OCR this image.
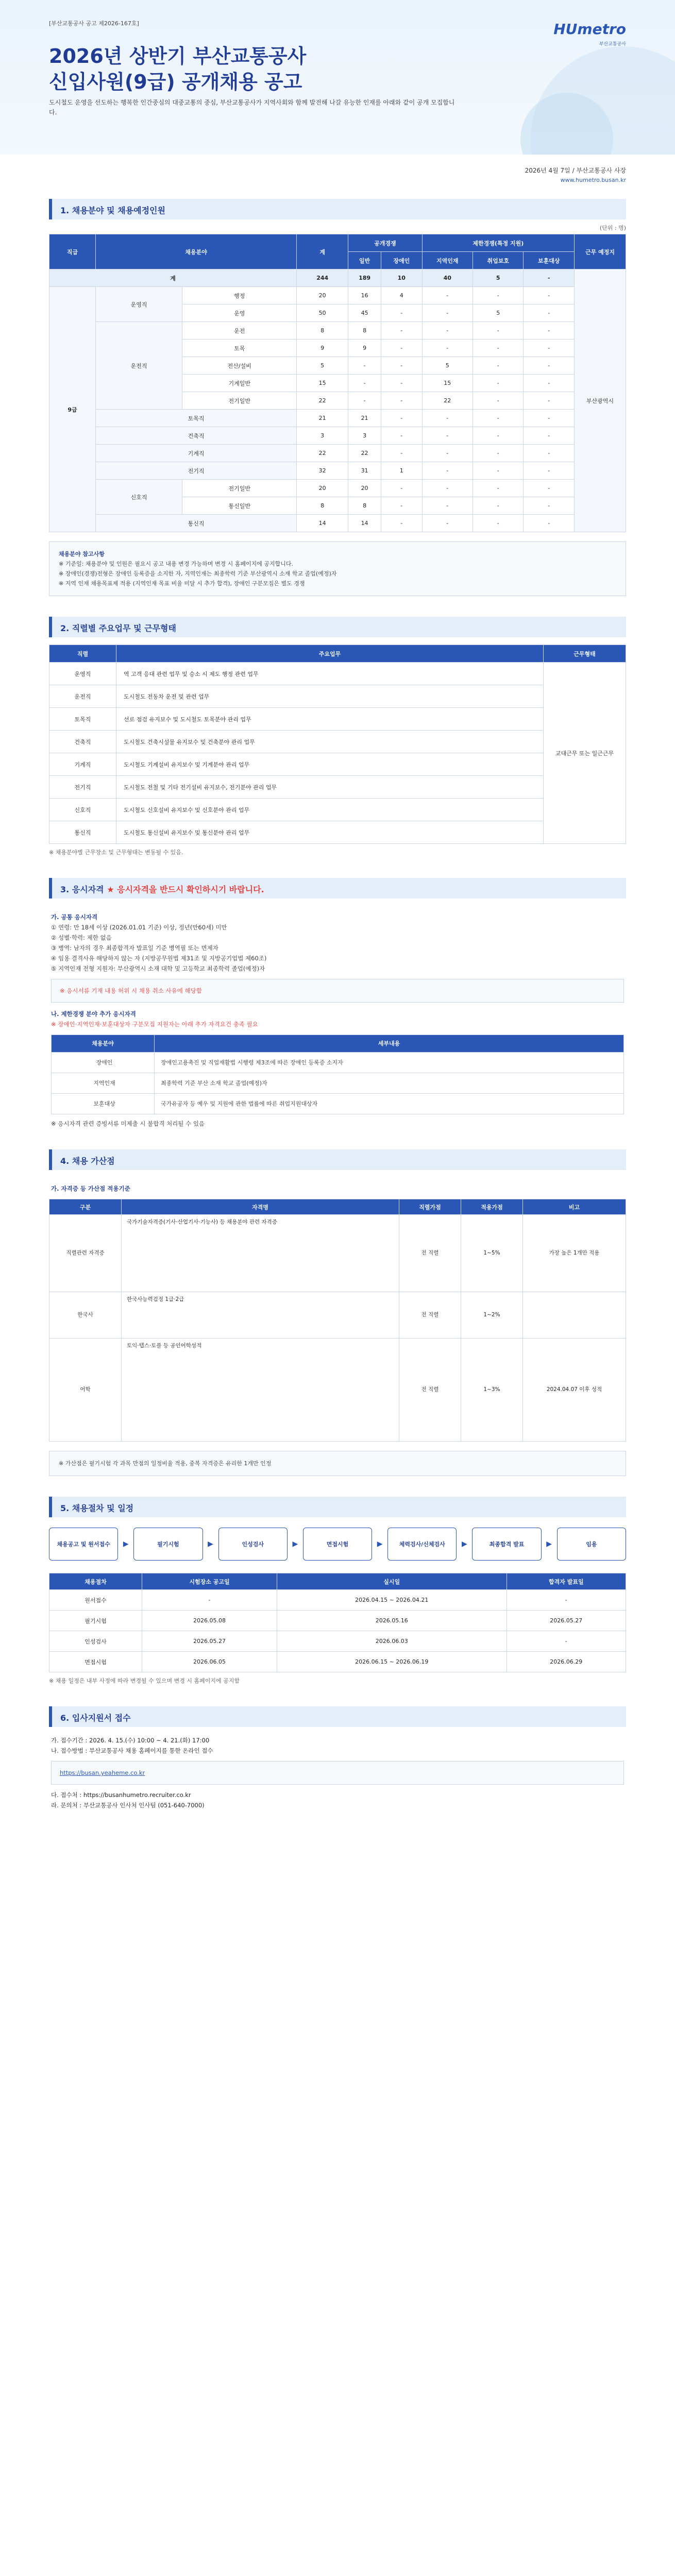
[부산교통공사 공고 제2026-167호]
2026년 상반기 부산교통공사
신입사원(9급) 공개채용 공고
도시철도 운영을 선도하는 행복한 인간중심의 대중교통의 중심, 부산교통공사가 지역사회와 함께 발전해 나갈 유능한 인재를 아래와 같이 공개 모집합니다.
HUmetro
부산교통공사
2026년 4월 7일 / 부산교통공사 사장
www.humetro.busan.kr
1. 채용분야 및 채용예정인원
(단위 : 명)
직급	채용분야		계	공개경쟁		제한경쟁(특정 지원)			근무 예정지
				일반	장애인	지역인재	취업보호	보훈대상	
계			244	189	10	40	5	-	부산광역시
9급	운영직	행정	20	16	4	-	-	-	
		운영	50	45	-	-	5	-	
	운전직	운전	8	8	-	-	-	-	
		토목	9	9	-	-	-	-	
		전산/설비	5	-	-	5	-	-	
		기계일반	15	-	-	15	-	-	
		전기일반	22	-	-	22	-	-	
	토목직		21	21	-	-	-	-	
	건축직		3	3	-	-	-	-	
	기계직		22	22	-	-	-	-	
	전기직		32	31	1	-	-	-	
	신호직	전기일반	20	20	-	-	-	-	
		통신일반	8	8	-	-	-	-	
	통신직		14	14	-	-	-	-	
채용분야 참고사항
※ 기준일: 채용분야 및 인원은 필요시 공고 내용 변경 가능하며 변경 시 홈페이지에 공지합니다.
※ 장애인(경쟁)전형은 장애인 등록증을 소지한 자, 지역인재는 최종학력 기준 부산광역시 소재 학교 졸업(예정)자
※ 지역 인재 채용목표제 적용 (지역인재 목표 비율 미달 시 추가 합격), 장애인 구분모집은 별도 경쟁
2. 직렬별 주요업무 및 근무형태
직렬	주요업무	근무형태
운영직	역 고객 응대 관련 업무 및 승소 시 제도 행정 관련 업무	교대근무 또는 일근근무
운전직	도시철도 전동차 운전 및 관련 업무	
토목직	선로 점검 유지보수 및 도시철도 토목분야 관리 업무	
건축직	도시철도 건축시설물 유지보수 및 건축분야 관리 업무	
기계직	도시철도 기계설비 유지보수 및 기계분야 관리 업무	
전기직	도시철도 전철 및 기타 전기설비 유지보수, 전기분야 관리 업무	
신호직	도시철도 신호설비 유지보수 및 신호분야 관리 업무	
통신직	도시철도 통신설비 유지보수 및 통신분야 관리 업무	
※ 채용분야별 근무장소 및 근무형태는 변동될 수 있음.
3. 응시자격 ★ 응시자격을 반드시 확인하시기 바랍니다.
가. 공통 응시자격
① 연령: 만 18세 이상 (2026.01.01 기준) 이상, 정년(만60세) 미만
② 성별·학력: 제한 없음
③ 병역: 남자의 경우 최종합격자 발표일 기준 병역필 또는 면제자
④ 임용 결격사유 해당하지 않는 자 (지방공무원법 제31조 및 지방공기업법 제60조)
⑤ 지역인재 전형 지원자: 부산광역시 소재 대학 및 고등학교 최종학력 졸업(예정)자
※ 응시서류 기재 내용 허위 시 채용 취소 사유에 해당함
나. 제한경쟁 분야 추가 응시자격
※ 장애인·지역인재·보훈대상자 구분모집 지원자는 아래 추가 자격요건 충족 필요
채용분야	세부내용
장애인	장애인고용촉진 및 직업재활법 시행령 제3조에 따른 장애인 등록증 소지자
지역인재	최종학력 기준 부산 소재 학교 졸업(예정)자
보훈대상	국가유공자 등 예우 및 지원에 관한 법률에 따른 취업지원대상자
※ 응시자격 관련 증빙서류 미제출 시 불합격 처리될 수 있음
4. 채용 가산점
가. 자격증 등 가산점 적용기준
구분	자격명	직렬가점	적용가점	비고
직렬관련 자격증	국가기술자격증(기사·산업기사·기능사) 등 채용분야 관련 자격증	전 직렬	1~5%	가장 높은 1개만 적용
한국사	한국사능력검정 1급·2급	전 직렬	1~2%	
어학	토익·텝스·토플 등 공인어학성적	전 직렬	1~3%	2024.04.07 이후 성적
※ 가산점은 필기시험 각 과목 만점의 일정비율 적용, 중복 자격증은 유리한 1개만 인정
5. 채용절차 및 일정
채용공고 및 원서접수	▶	필기시험	▶	인성검사	▶	면접시험	▶	체력검사/신체검사	▶	최종합격 발표	▶	임용
채용절차	시험장소 공고일	실시일	합격자 발표일
원서접수	-	2026.04.15 ~ 2026.04.21	-
필기시험	2026.05.08	2026.05.16	2026.05.27
인성검사	2026.05.27	2026.06.03	-
면접시험	2026.06.05	2026.06.15 ~ 2026.06.19	2026.06.29
※ 채용 일정은 내부 사정에 따라 변경될 수 있으며 변경 시 홈페이지에 공지함
6. 입사지원서 접수
가. 접수기간 : 2026. 4. 15.(수) 10:00 ~ 4. 21.(화) 17:00
나. 접수방법 : 부산교통공사 채용 홈페이지를 통한 온라인 접수
https://busan.yeaheme.co.kr
다. 접수처 : https://busanhumetro.recruiter.co.kr
라. 문의처 : 부산교통공사 인사처 인사팀 (051-640-7000)
